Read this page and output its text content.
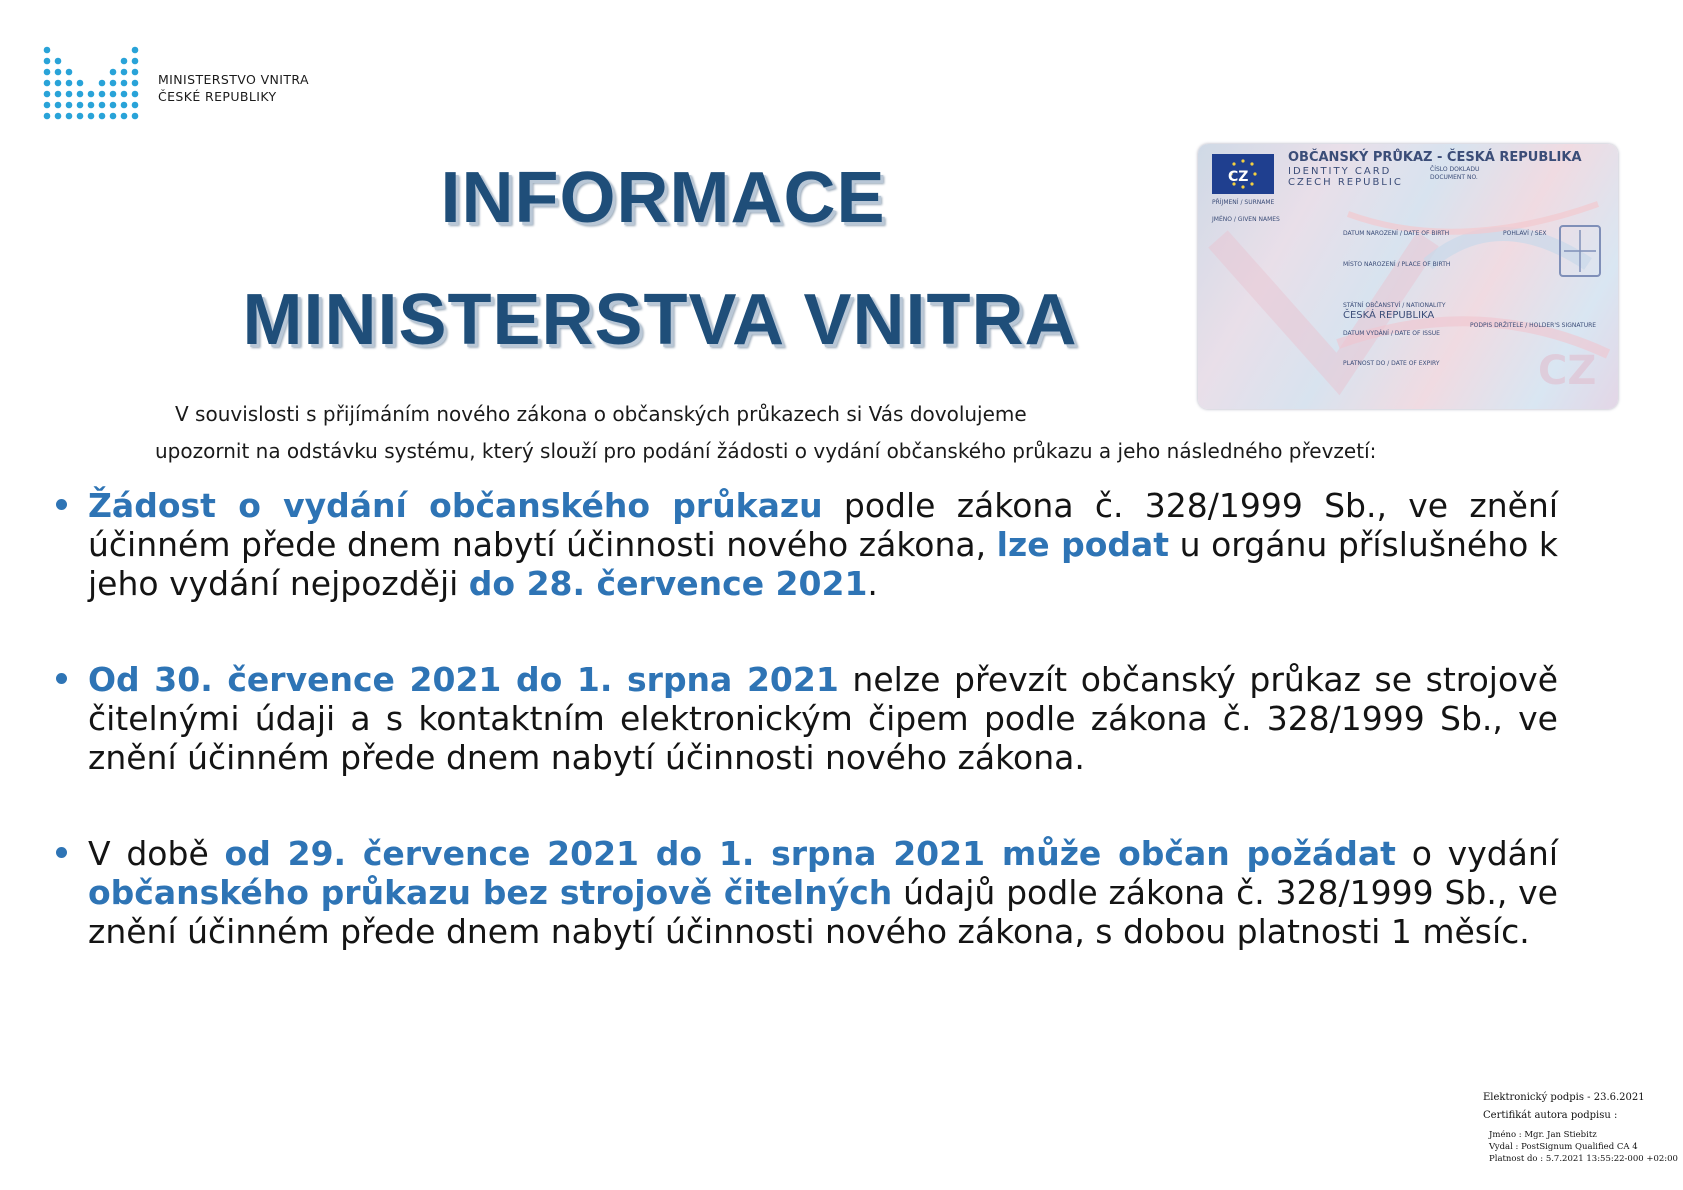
MINISTERSTVO VNITRA
ČESKÉ REPUBLIKY
INFORMACE
MINISTERSTVA VNITRA
CZ
CZ
OBČANSKÝ PRŮKAZ - ČESKÁ REPUBLIKA
IDENTITY CARD
CZECH REPUBLIC
ČÍSLO DOKLADU
DOCUMENT NO.
PŘÍJMENÍ / SURNAME
JMÉNO / GIVEN NAMES
DATUM NAROZENÍ / DATE OF BIRTH	POHLAVÍ / SEX
MÍSTO NAROZENÍ / PLACE OF BIRTH
STÁTNÍ OBČANSTVÍ / NATIONALITY
ČESKÁ REPUBLIKA
PODPIS DRŽITELE / HOLDER'S SIGNATURE
DATUM VYDÁNÍ / DATE OF ISSUE
PLATNOST DO / DATE OF EXPIRY
V souvislosti s přijímáním nového zákona o občanských průkazech si Vás dovolujeme
upozornit na odstávku systému, který slouží pro podání žádosti o vydání občanského průkazu a jeho následného převzetí:
Žádost o vydání občanského průkazu podle zákona č. 328/1999 Sb., ve znění účinném přede dnem nabytí účinnosti nového zákona, lze podat u orgánu příslušného k jeho vydání nejpozději do 28. července 2021.
Od 30. července 2021 do 1. srpna 2021 nelze převzít občanský průkaz se strojově čitelnými údaji a s kontaktním elektronickým čipem podle zákona č. 328/1999 Sb., ve znění účinném přede dnem nabytí účinnosti nového zákona.
V době od 29. července 2021 do 1. srpna 2021 může občan požádat o vydání občanského průkazu bez strojově čitelných údajů podle zákona č. 328/1999 Sb., ve znění účinném přede dnem nabytí účinnosti nového zákona, s dobou platnosti 1 měsíc.
Elektronický podpis - 23.6.2021
Certifikát autora podpisu :
Jméno : Mgr. Jan Stiebitz
Vydal : PostSignum Qualified CA 4
Platnost do : 5.7.2021 13:55:22-000 +02:00
